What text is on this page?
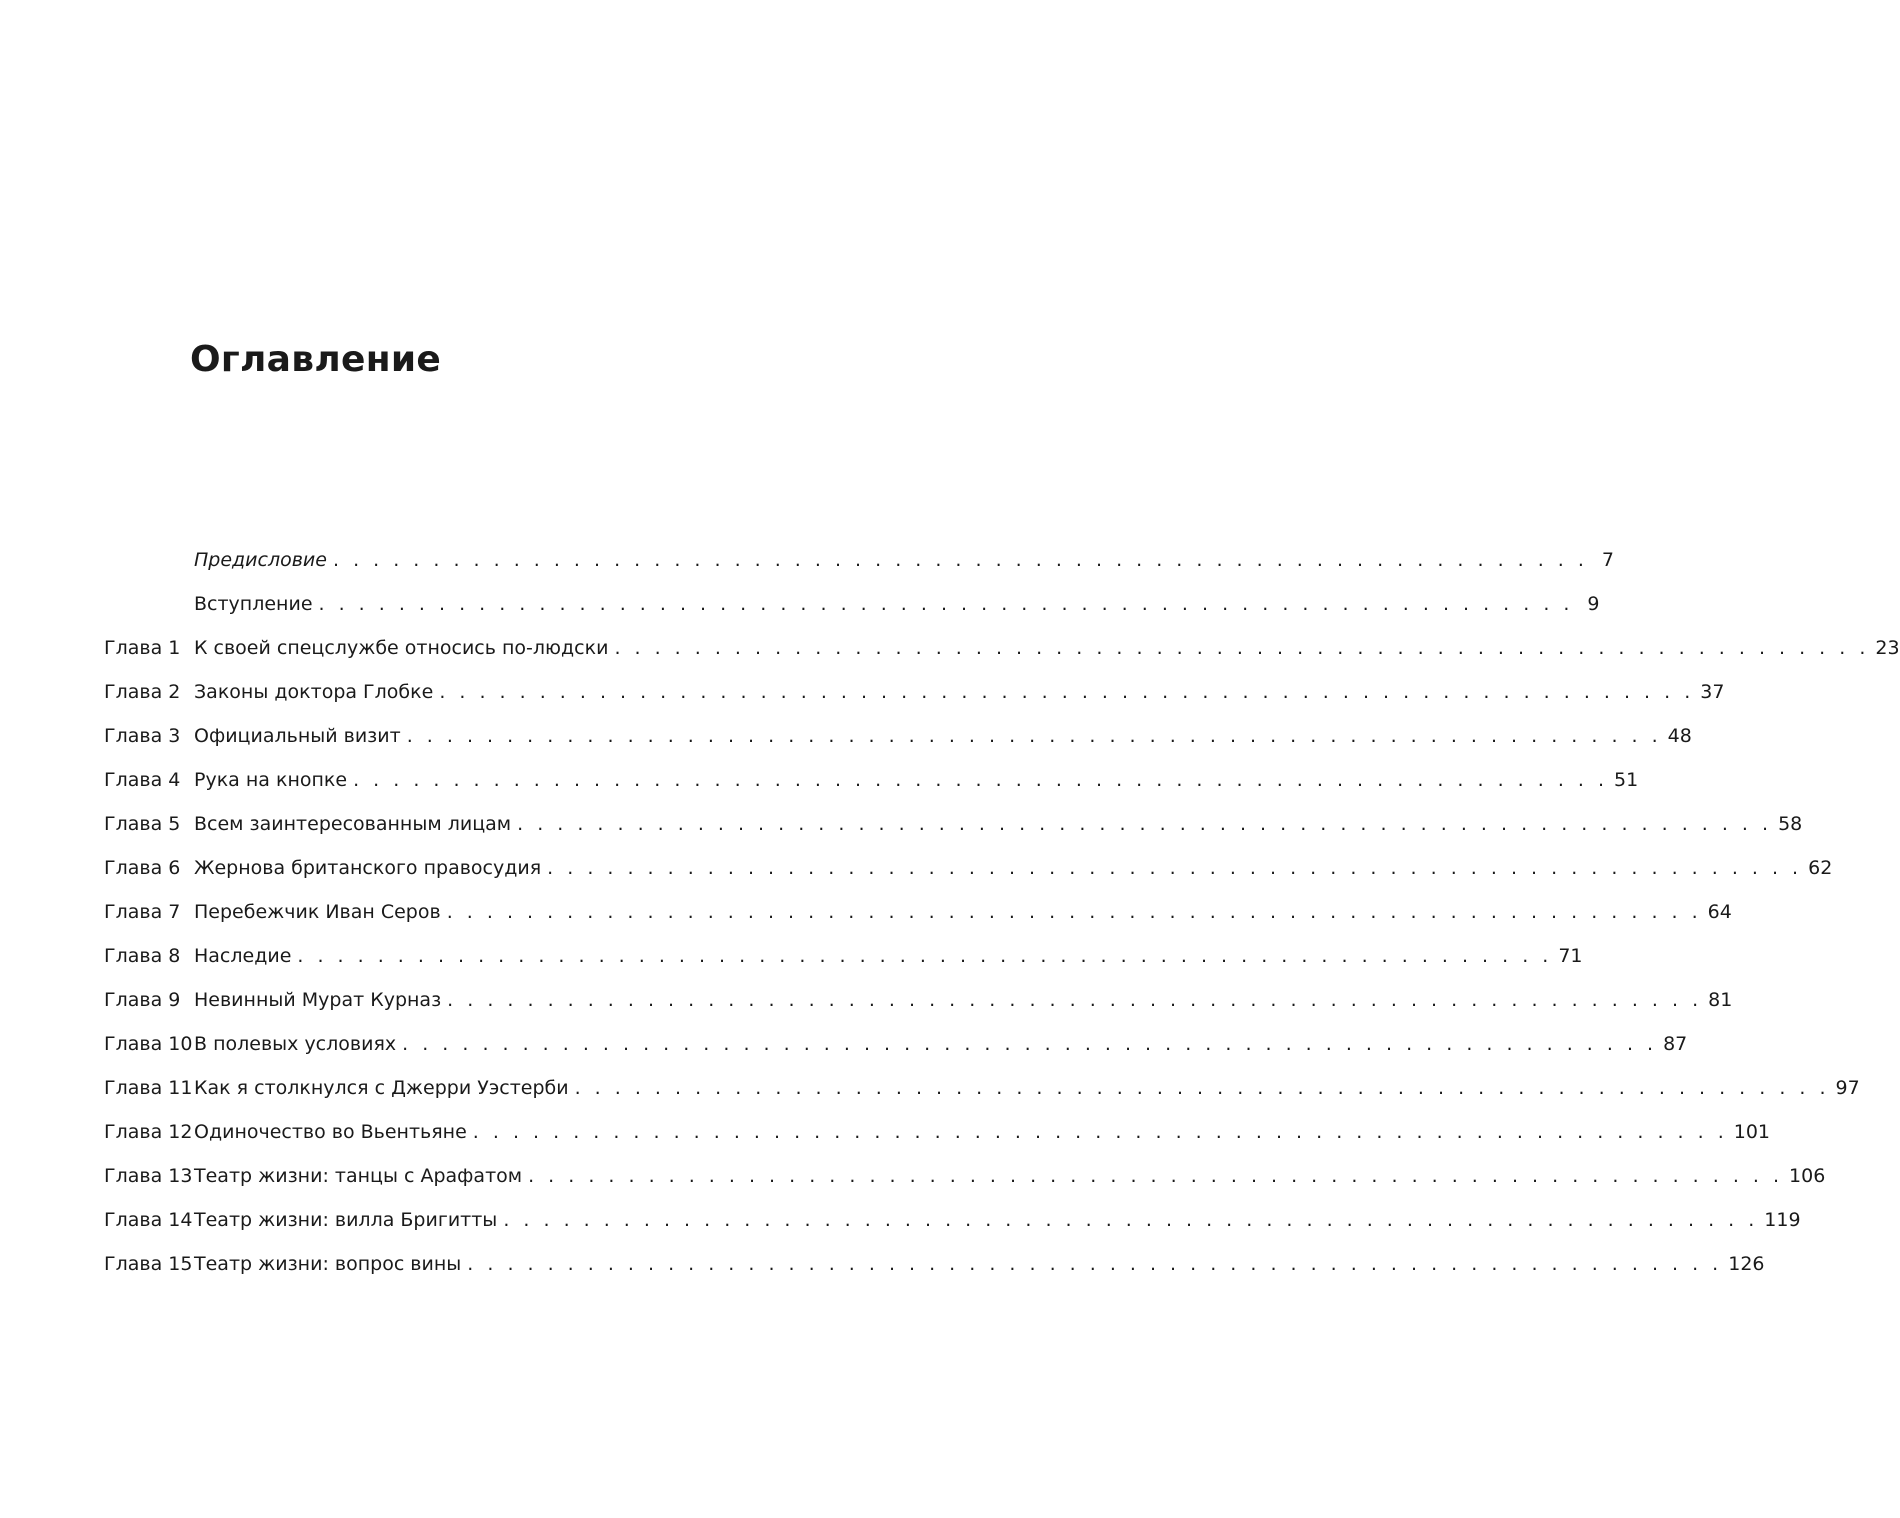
Оглавление
Предисловие . . . . . . . . . . . . . . . . . . . . . . . . . . . . . . . . . . . . . . . . . . . . . . . . . . . . . . . . . . . . . . . 7
Вступление . . . . . . . . . . . . . . . . . . . . . . . . . . . . . . . . . . . . . . . . . . . . . . . . . . . . . . . . . . . . . . . 9
Глава 1 К своей спецслужбе относись по-людски . . . . . . . . . . . . . . . . . . . . . . . . . . . . . . . . . . . . . . . . . . . . . . . . . . . . . . . . . . . . . . . 23
Глава 2 Законы доктора Глобке . . . . . . . . . . . . . . . . . . . . . . . . . . . . . . . . . . . . . . . . . . . . . . . . . . . . . . . . . . . . . . . 37
Глава 3 Официальный визит . . . . . . . . . . . . . . . . . . . . . . . . . . . . . . . . . . . . . . . . . . . . . . . . . . . . . . . . . . . . . . . 48
Глава 4 Рука на кнопке . . . . . . . . . . . . . . . . . . . . . . . . . . . . . . . . . . . . . . . . . . . . . . . . . . . . . . . . . . . . . . . 51
Глава 5 Всем заинтересованным лицам . . . . . . . . . . . . . . . . . . . . . . . . . . . . . . . . . . . . . . . . . . . . . . . . . . . . . . . . . . . . . . . 58
Глава 6 Жернова британского правосудия . . . . . . . . . . . . . . . . . . . . . . . . . . . . . . . . . . . . . . . . . . . . . . . . . . . . . . . . . . . . . . . 62
Глава 7 Перебежчик Иван Серов . . . . . . . . . . . . . . . . . . . . . . . . . . . . . . . . . . . . . . . . . . . . . . . . . . . . . . . . . . . . . . . 64
Глава 8 Наследие . . . . . . . . . . . . . . . . . . . . . . . . . . . . . . . . . . . . . . . . . . . . . . . . . . . . . . . . . . . . . . . 71
Глава 9 Невинный Мурат Курназ . . . . . . . . . . . . . . . . . . . . . . . . . . . . . . . . . . . . . . . . . . . . . . . . . . . . . . . . . . . . . . . 81
Глава 10 В полевых условиях . . . . . . . . . . . . . . . . . . . . . . . . . . . . . . . . . . . . . . . . . . . . . . . . . . . . . . . . . . . . . . . 87
Глава 11 Как я столкнулся с Джерри Уэстерби . . . . . . . . . . . . . . . . . . . . . . . . . . . . . . . . . . . . . . . . . . . . . . . . . . . . . . . . . . . . . . . 97
Глава 12 Одиночество во Вьентьяне . . . . . . . . . . . . . . . . . . . . . . . . . . . . . . . . . . . . . . . . . . . . . . . . . . . . . . . . . . . . . . . 101
Глава 13 Театр жизни: танцы с Арафатом . . . . . . . . . . . . . . . . . . . . . . . . . . . . . . . . . . . . . . . . . . . . . . . . . . . . . . . . . . . . . . . 106
Глава 14 Театр жизни: вилла Бригитты . . . . . . . . . . . . . . . . . . . . . . . . . . . . . . . . . . . . . . . . . . . . . . . . . . . . . . . . . . . . . . . 119
Глава 15 Театр жизни: вопрос вины . . . . . . . . . . . . . . . . . . . . . . . . . . . . . . . . . . . . . . . . . . . . . . . . . . . . . . . . . . . . . . . 126
